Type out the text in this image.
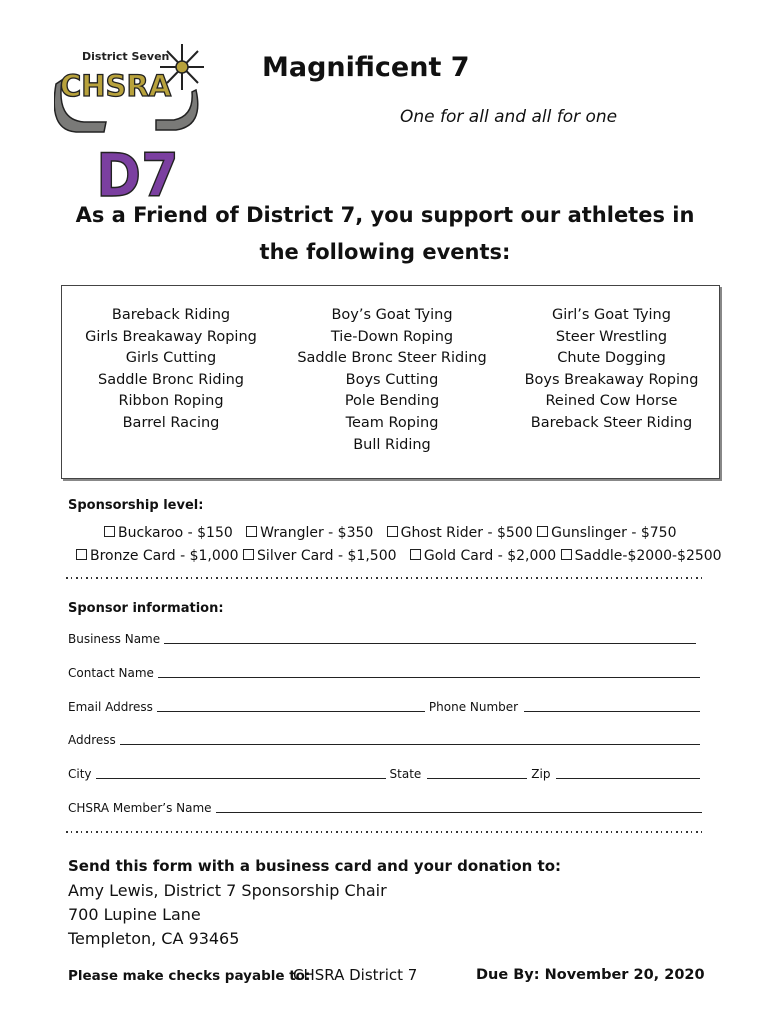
District Seven
CHSRA
D7
Magnificent 7
One for all and all for one
As a Friend of District 7, you support our athletes in
the following events:
Bareback Riding
Girls Breakaway Roping
Girls Cutting
Saddle Bronc Riding
Ribbon Roping
Barrel Racing
Boy’s Goat Tying
Tie-Down Roping
Saddle Bronc Steer Riding
Boys Cutting
Pole Bending
Team Roping
Bull Riding
Girl’s Goat Tying
Steer Wrestling
Chute Dogging
Boys Breakaway Roping
Reined Cow Horse
Bareback Steer Riding
Sponsorship level:
Buckaroo - $150 Wrangler - $350 Ghost Rider - $500 Gunslinger - $750
Bronze Card - $1,000 Silver Card - $1,500 Gold Card - $2,000 Saddle-$2000-$2500
Sponsor information:
Business Name
Contact Name
Email Address	Phone Number
Address
City	State	Zip
CHSRA Member’s Name
Send this form with a business card and your donation to:
Amy Lewis, District 7 Sponsorship Chair
700 Lupine Lane
Templeton, CA 93465
Please make checks payable to:
CHSRA District 7	Due By: November 20, 2020
